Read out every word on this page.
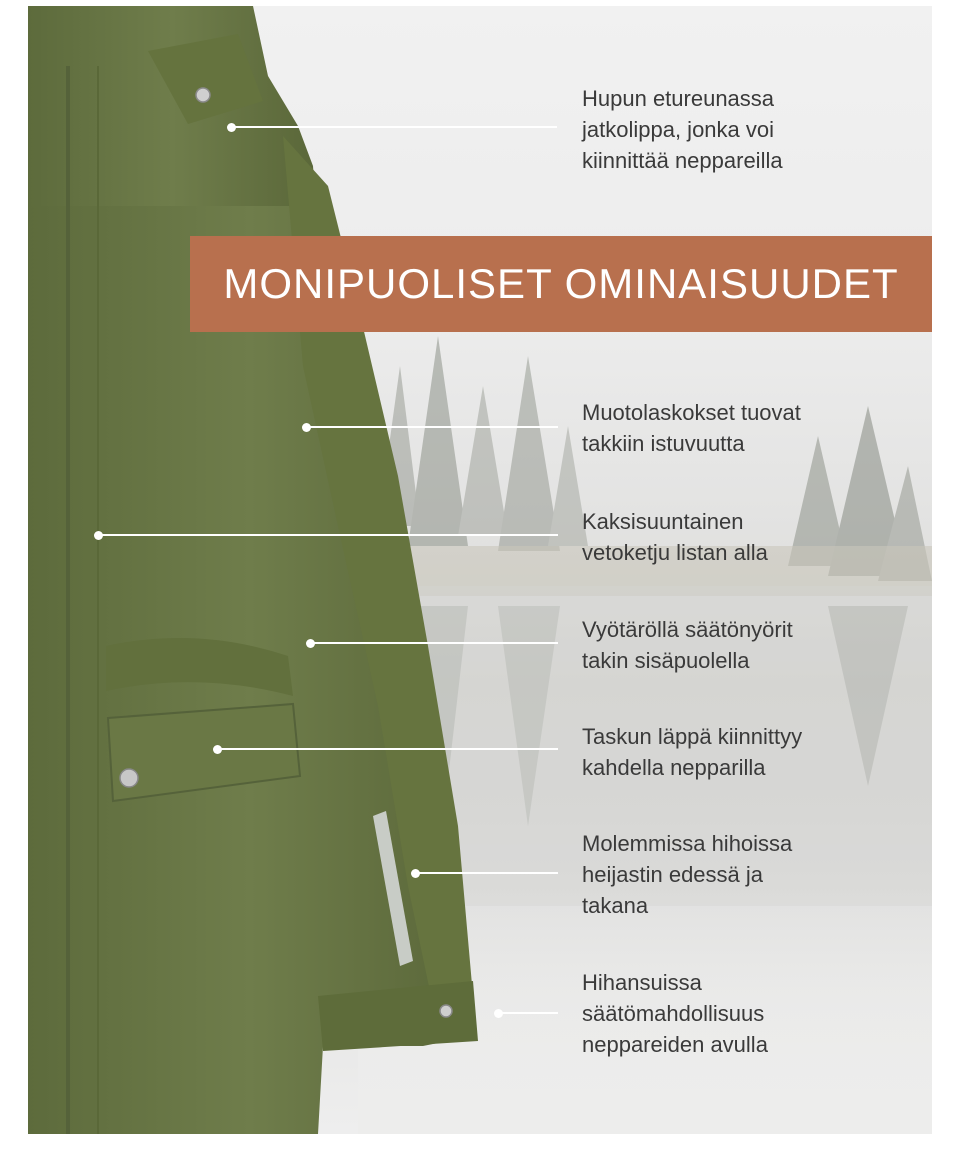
MONIPUOLISET OMINAISUUDET
Hupun etureunassa
jatkolippa, jonka voi
kiinnittää neppareilla
Muotolaskokset tuovat
takkiin istuvuutta
Kaksisuuntainen
vetoketju listan alla
Vyötäröllä säätönyörit
takin sisäpuolella
Taskun läppä kiinnittyy
kahdella nepparilla
Molemmissa hihoissa
heijastin edessä ja
takana
Hihansuissa
säätömahdollisuus
neppareiden avulla
